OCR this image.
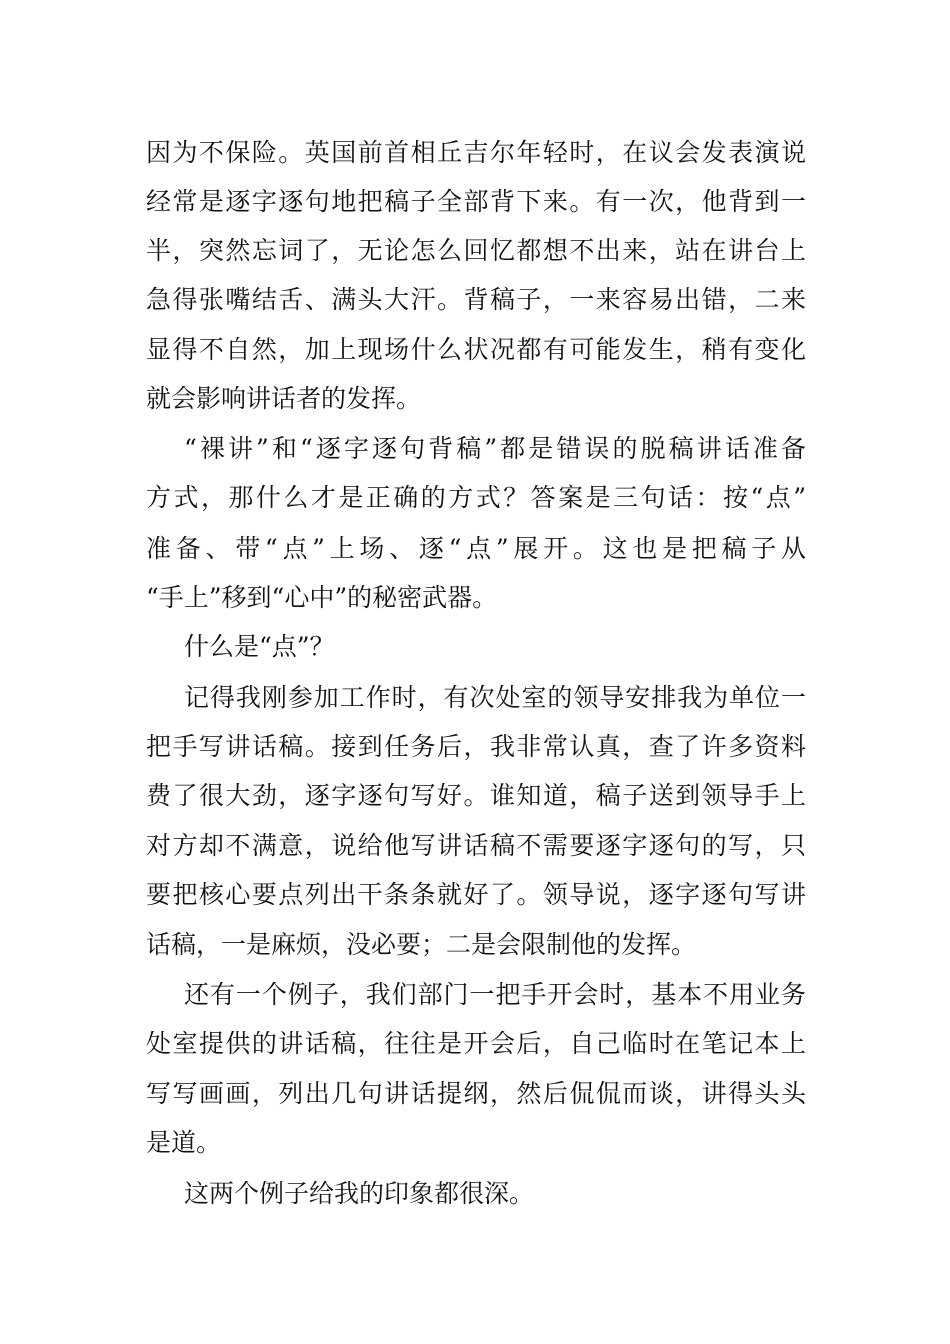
因为不保险。英国前首相丘吉尔年轻时，在议会发表演说
经常是逐字逐句地把稿子全部背下来。有一次，他背到一
半，突然忘词了，无论怎么回忆都想不出来，站在讲台上
急得张嘴结舌、满头大汗。背稿子，一来容易出错，二来
显得不自然，加上现场什么状况都有可能发生，稍有变化
就会影响讲话者的发挥。
“裸讲”和“逐字逐句背稿”都是错误的脱稿讲话准备
方式，那什么才是正确的方式？答案是三句话：按“点”
准备、带“点”上场、逐“点”展开。这也是把稿子从
“手上”移到“心中”的秘密武器。
什么是“点”？
记得我刚参加工作时，有次处室的领导安排我为单位一
把手写讲话稿。接到任务后，我非常认真，查了许多资料
费了很大劲，逐字逐句写好。谁知道，稿子送到领导手上
对方却不满意，说给他写讲话稿不需要逐字逐句的写，只
要把核心要点列出干条条就好了。领导说，逐字逐句写讲
话稿，一是麻烦，没必要；二是会限制他的发挥。
还有一个例子，我们部门一把手开会时，基本不用业务
处室提供的讲话稿，往往是开会后，自己临时在笔记本上
写写画画，列出几句讲话提纲，然后侃侃而谈，讲得头头
是道。
这两个例子给我的印象都很深。
